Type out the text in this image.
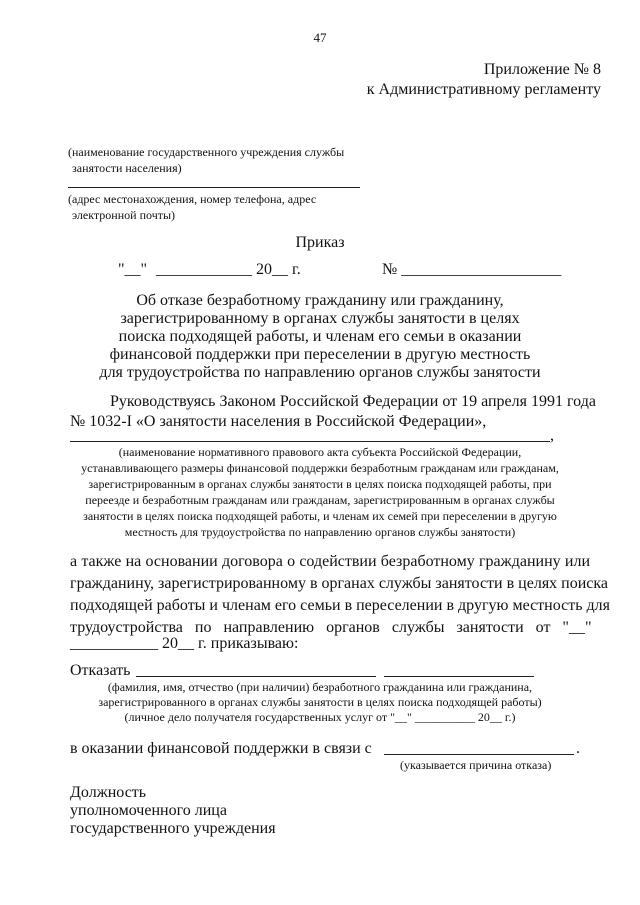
47
Приложение № 8
к Административному регламенту
(наименование государственного учреждения службы
занятости населения)
(адрес местонахождения, номер телефона, адрес
электронной почты)
Приказ
"__" ____________ 20__ г.	№ ____________________
Об отказе безработному гражданину или гражданину,
зарегистрированному в органах службы занятости в целях
поиска подходящей работы, и членам его семьи в оказании
финансовой поддержки при переселении в другую местность
для трудоустройства по направлению органов службы занятости
Руководствуясь Законом Российской Федерации от 19 апреля 1991 года
№ 1032-I «О занятости населения в Российской Федерации»,
,
(наименование нормативного правового акта субъекта Российской Федерации,
устанавливающего размеры финансовой поддержки безработным гражданам или гражданам,
зарегистрированным в органах службы занятости в целях поиска подходящей работы, при
переезде и безработным гражданам или гражданам, зарегистрированным в органах службы
занятости в целях поиска подходящей работы, и членам их семей при переселении в другую
местность для трудоустройства по направлению органов службы занятости)
а также на основании договора о содействии безработному гражданину или
гражданину, зарегистрированному в органах службы занятости в целях поиска
подходящей работы и членам его семьи в переселении в другую местность для
трудоустройства   по   направлению   органов   службы   занятости   от   "__"
___________ 20__ г. приказываю:
Отказать
(фамилия, имя, отчество (при наличии) безработного гражданина или гражданина,
зарегистрированного в органах службы занятости в целях поиска подходящей работы)
(личное дело получателя государственных услуг от "__" __________ 20__ г.)
в оказании финансовой поддержки в связи с	.
(указывается причина отказа)
Должность
уполномоченного лица
государственного учреждения
